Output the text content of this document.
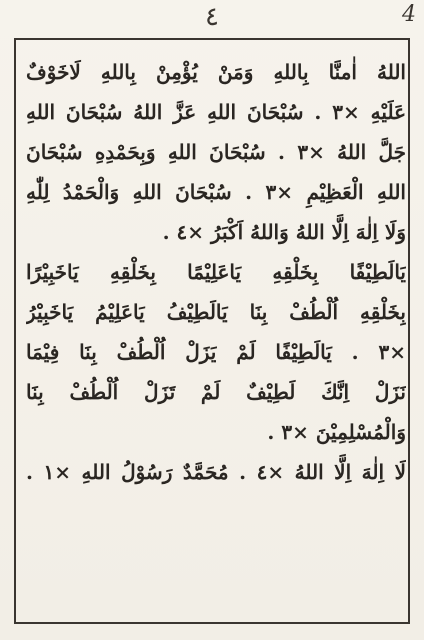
٤	4
اللهُ اٰمنَّا بِاللهِ وَمَنْ يُؤْمِنْ بِاللهِ لَاخَوْفٌ
عَلَيْهِ ×٣ . سُبْحَانَ اللهِ عَزَّ اللهُ سُبْحَانَ اللهِ
جَلَّ اللهُ ×٣ . سُبْحَانَ اللهِ وَبِحَمْدِهِ سُبْحَانَ
اللهِ الْعَظِيْمِ ×٣ . سُبْحَانَ اللهِ وَالْحَمْدُ لِلّٰهِ
وَلَا اِلٰهَ اِلَّا اللهُ وَاللهُ اَكْبَرُ ×٤ .
يَالَطِيْفًا بِخَلْقِهِ يَاعَلِيْمًا بِخَلْقِهِ يَاخَبِيْرًا
بِخَلْقِهِ اُلْطُفْ بِنَا يَالَطِيْفُ يَاعَلِيْمُ يَاخَبِيْرُ
×٣ . يَالَطِيْفًا لَمْ يَزَلْ اُلْطُفْ بِنَا فِيْمَا
نَزَلْ اِنَّكَ لَطِيْفٌ لَمْ تَزَلْ اُلْطُفْ بِنَا
وَالْمُسْلِمِيْنَ ×٣ .
لَا اِلٰهَ اِلَّا اللهُ ×٤ . مُحَمَّدٌ رَسُوْلُ اللهِ ×١ .
